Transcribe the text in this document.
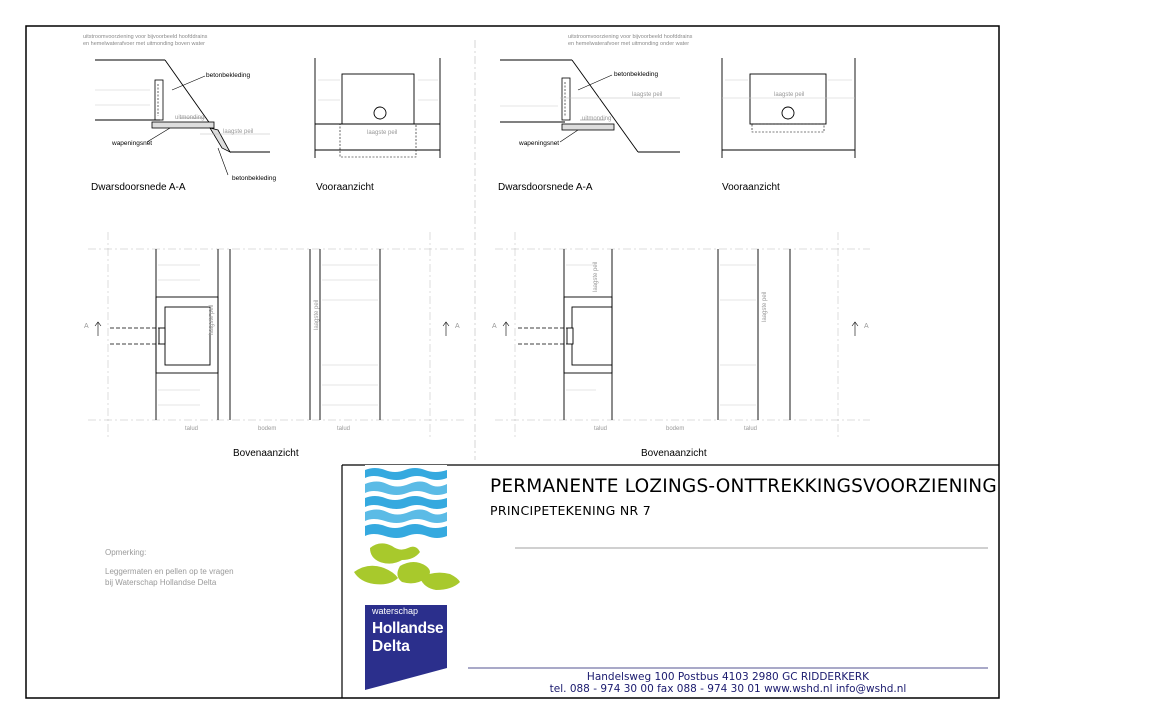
uitstroomvoorziening voor bijvoorbeeld hoofddrains
en hemelwaterafvoer met uitmonding boven water
betonbekleding
uitmonding
laagste peil
wapeningsnet
betonbekleding
Dwarsdoorsnede A-A
laagste peil
Vooraanzicht
laagste peil	laagste peil
talud	bodem	talud
A	A
Bovenaanzicht
uitstroomvoorziening voor bijvoorbeeld hoofddrains
en hemelwaterafvoer met uitmonding onder water
betonbekleding
laagste peil
uitmonding
wapeningsnet
Dwarsdoorsnede A-A
laagste peil
Vooraanzicht
laagste peil
laagste peil
talud	bodem	talud
A	A
Bovenaanzicht
waterschap
Hollandse
Delta
PERMANENTE LOZINGS-ONTTREKKINGSVOORZIENING
PRINCIPETEKENING NR 7
Handelsweg 100 Postbus 4103 2980 GC RIDDERKERK
tel. 088 - 974 30 00 fax 088 - 974 30 01 www.wshd.nl info@wshd.nl
Opmerking:
Leggermaten en pellen op te vragen
bij Waterschap Hollandse Delta
